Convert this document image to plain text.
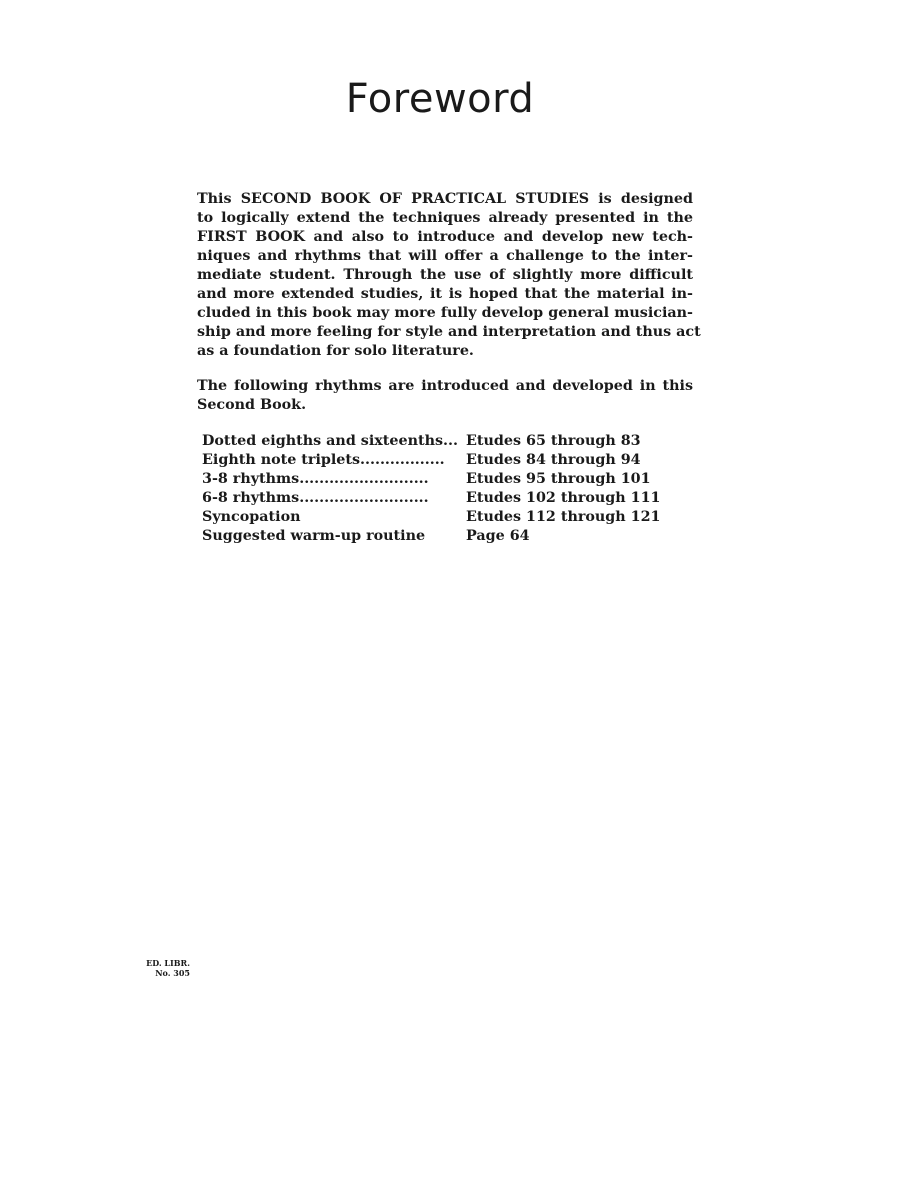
Foreword

This SECOND BOOK OF PRACTICAL STUDIES is designed
to logically extend the techniques already presented in the
FIRST BOOK and also to introduce and develop new tech-
niques and rhythms that will offer a challenge to the inter-
mediate student. Through the use of slightly more difficult
and more extended studies, it is hoped that the material in-
cluded in this book may more fully develop general musician-
ship and more feeling for style and interpretation and thus act
as a foundation for solo literature.

The following rhythms are introduced and developed in this
Second Book.

Dotted eighths and sixteenths...	Etudes 65 through 83
Eighth note triplets.................	Etudes 84 through 94
3-8 rhythms..........................	Etudes 95 through 101
6-8 rhythms..........................	Etudes 102 through 111
Syncopation	Etudes 112 through 121
Suggested warm-up routine	Page 64
ED. LIBR.
No. 305
